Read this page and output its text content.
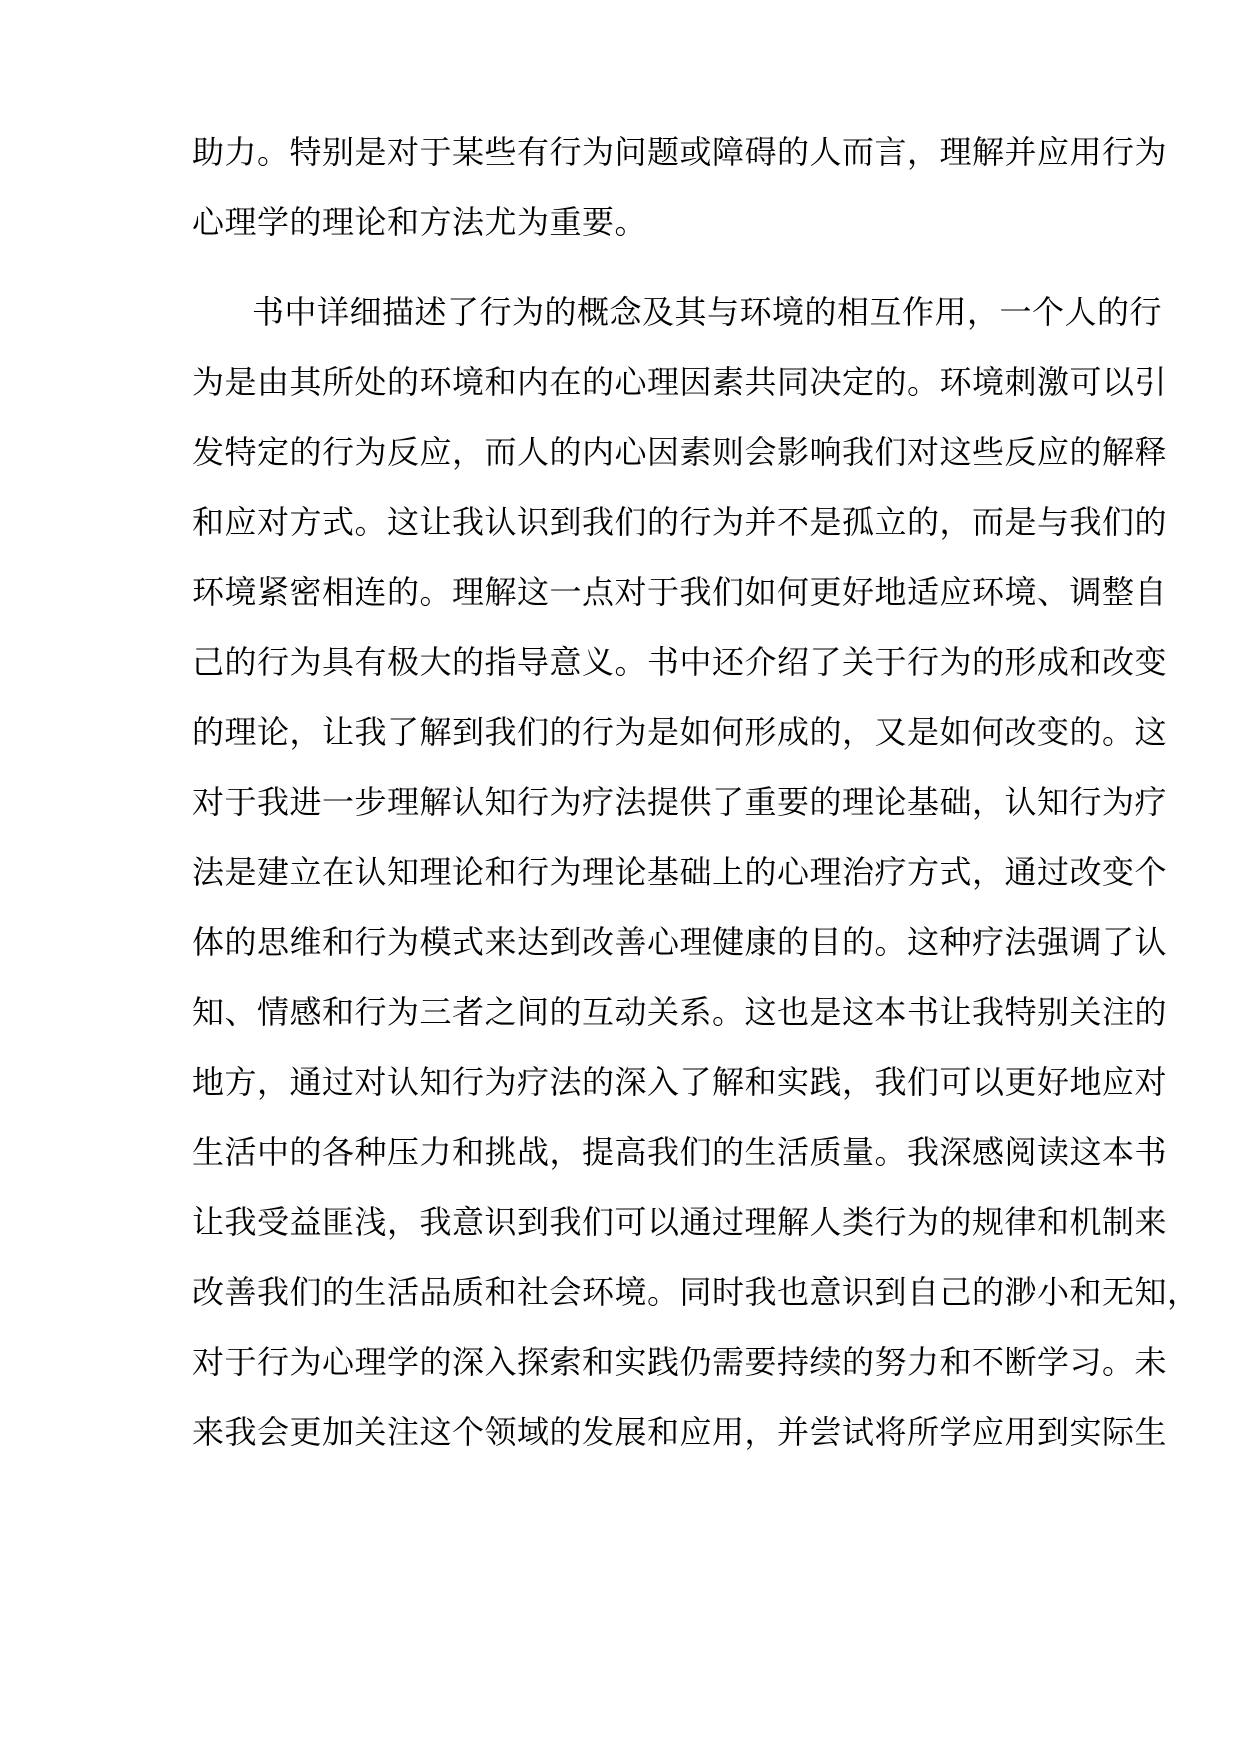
助力。特别是对于某些有行为问题或障碍的人而言，理解并应用行为
心理学的理论和方法尤为重要。
书中详细描述了行为的概念及其与环境的相互作用，一个人的行
为是由其所处的环境和内在的心理因素共同决定的。环境刺激可以引
发特定的行为反应，而人的内心因素则会影响我们对这些反应的解释
和应对方式。这让我认识到我们的行为并不是孤立的，而是与我们的
环境紧密相连的。理解这一点对于我们如何更好地适应环境、调整自
己的行为具有极大的指导意义。书中还介绍了关于行为的形成和改变
的理论，让我了解到我们的行为是如何形成的，又是如何改变的。这
对于我进一步理解认知行为疗法提供了重要的理论基础，认知行为疗
法是建立在认知理论和行为理论基础上的心理治疗方式，通过改变个
体的思维和行为模式来达到改善心理健康的目的。这种疗法强调了认
知、情感和行为三者之间的互动关系。这也是这本书让我特别关注的
地方，通过对认知行为疗法的深入了解和实践，我们可以更好地应对
生活中的各种压力和挑战，提高我们的生活质量。我深感阅读这本书
让我受益匪浅，我意识到我们可以通过理解人类行为的规律和机制来
改善我们的生活品质和社会环境。同时我也意识到自己的渺小和无知，
对于行为心理学的深入探索和实践仍需要持续的努力和不断学习。未
来我会更加关注这个领域的发展和应用，并尝试将所学应用到实际生
